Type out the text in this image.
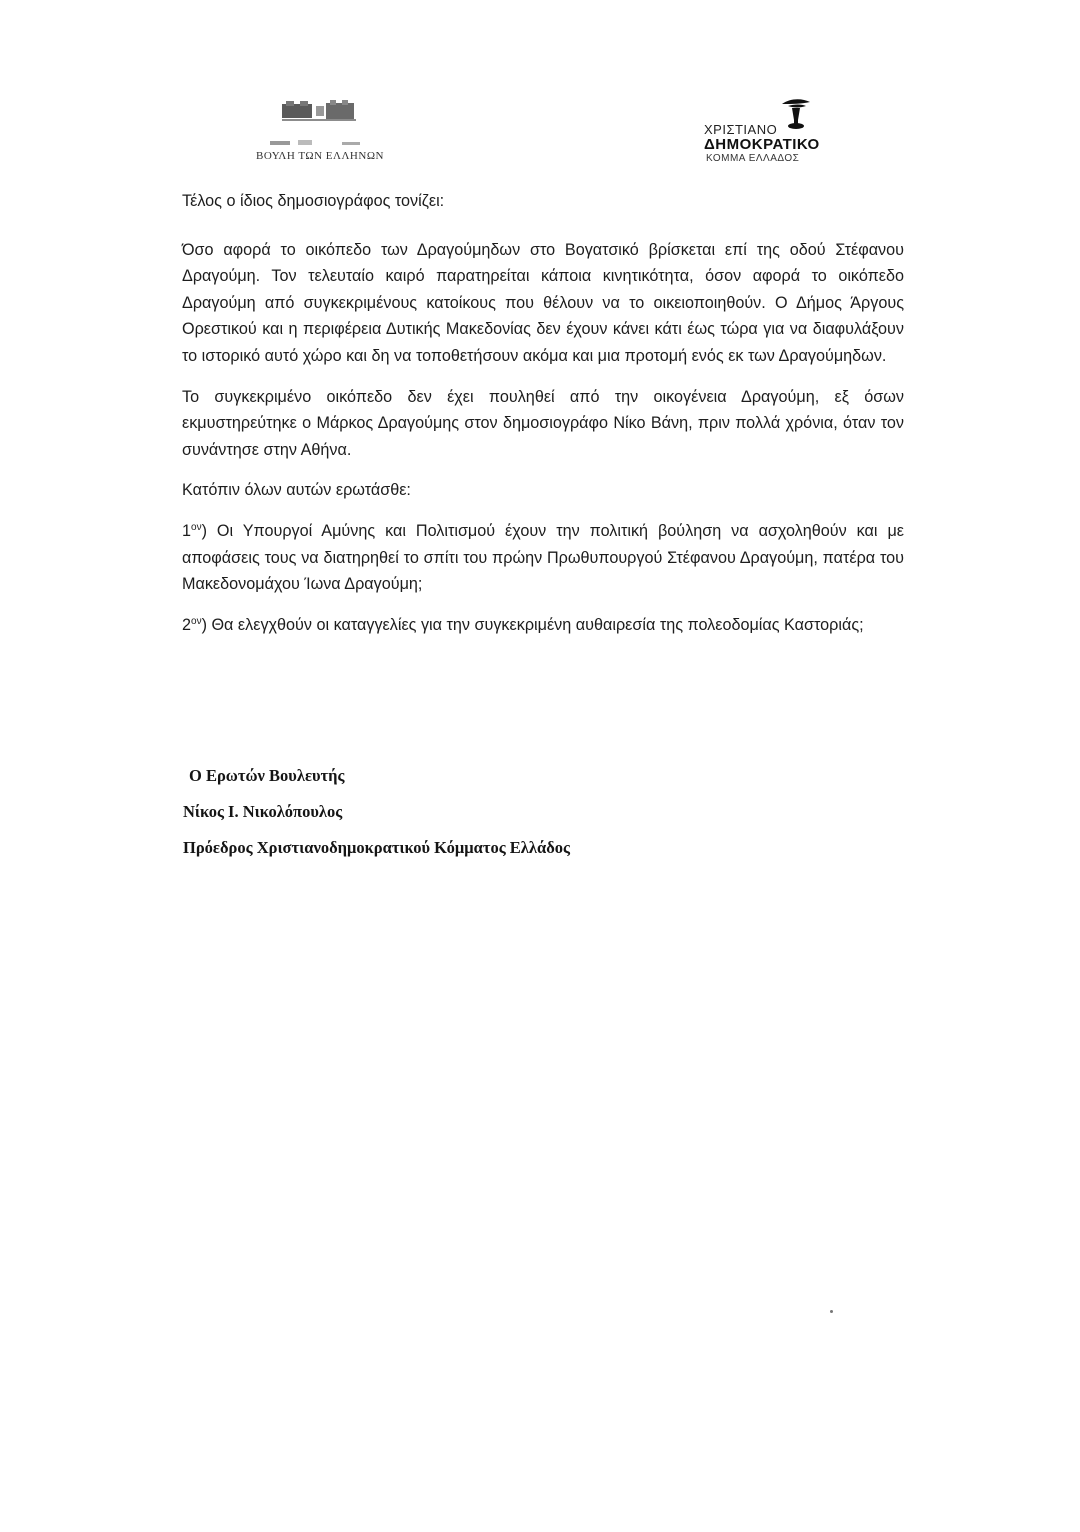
ΒΟΥΛΗ ΤΩΝ ΕΛΛΗΝΩΝ
ΧΡΙΣΤΙΑΝΟ
ΔΗΜΟΚΡΑΤΙΚΟ
ΚΟΜΜΑ ΕΛΛΑΔΟΣ

Τέλος ο ίδιος δημοσιογράφος τονίζει:

Όσο αφορά το οικόπεδο των Δραγούμηδων στο Βογατσικό βρίσκεται επί της οδού Στέφανου Δραγούμη. Τον τελευταίο καιρό παρατηρείται κάποια κινητικότητα, όσον αφορά το οικόπεδο Δραγούμη από συγκεκριμένους κατοίκους που θέλουν να το οικειοποιηθούν. Ο Δήμος Άργους Ορεστικού και η περιφέρεια Δυτικής Μακεδονίας δεν έχουν κάνει κάτι έως τώρα για να διαφυλάξουν το ιστορικό αυτό χώρο και δη να τοποθετήσουν ακόμα και μια προτομή ενός εκ των Δραγούμηδων.

Το συγκεκριμένο οικόπεδο δεν έχει πουληθεί από την οικογένεια Δραγούμη, εξ όσων εκμυστηρεύτηκε ο Μάρκος Δραγούμης στον δημοσιογράφο Νίκο Βάνη, πριν πολλά χρόνια, όταν τον συνάντησε στην Αθήνα.

Κατόπιν όλων αυτών ερωτάσθε:

$1^{o\nu}$) Οι Υπουργοί Αμύνης και Πολιτισμού έχουν την πολιτική βούληση να ασχοληθούν και με αποφάσεις τους να διατηρηθεί το σπίτι του πρώην Πρωθυπουργού Στέφανου Δραγούμη, πατέρα του Μακεδονομάχου Ίωνα Δραγούμη;

$2^{o\nu}$) Θα ελεγχθούν οι καταγγελίες για την συγκεκριμένη αυθαιρεσία της πολεοδομίας Καστοριάς;

Ο Ερωτών Βουλευτής
Νίκος Ι. Νικολόπουλος
Πρόεδρος Χριστιανοδημοκρατικού Κόμματος Ελλάδος
